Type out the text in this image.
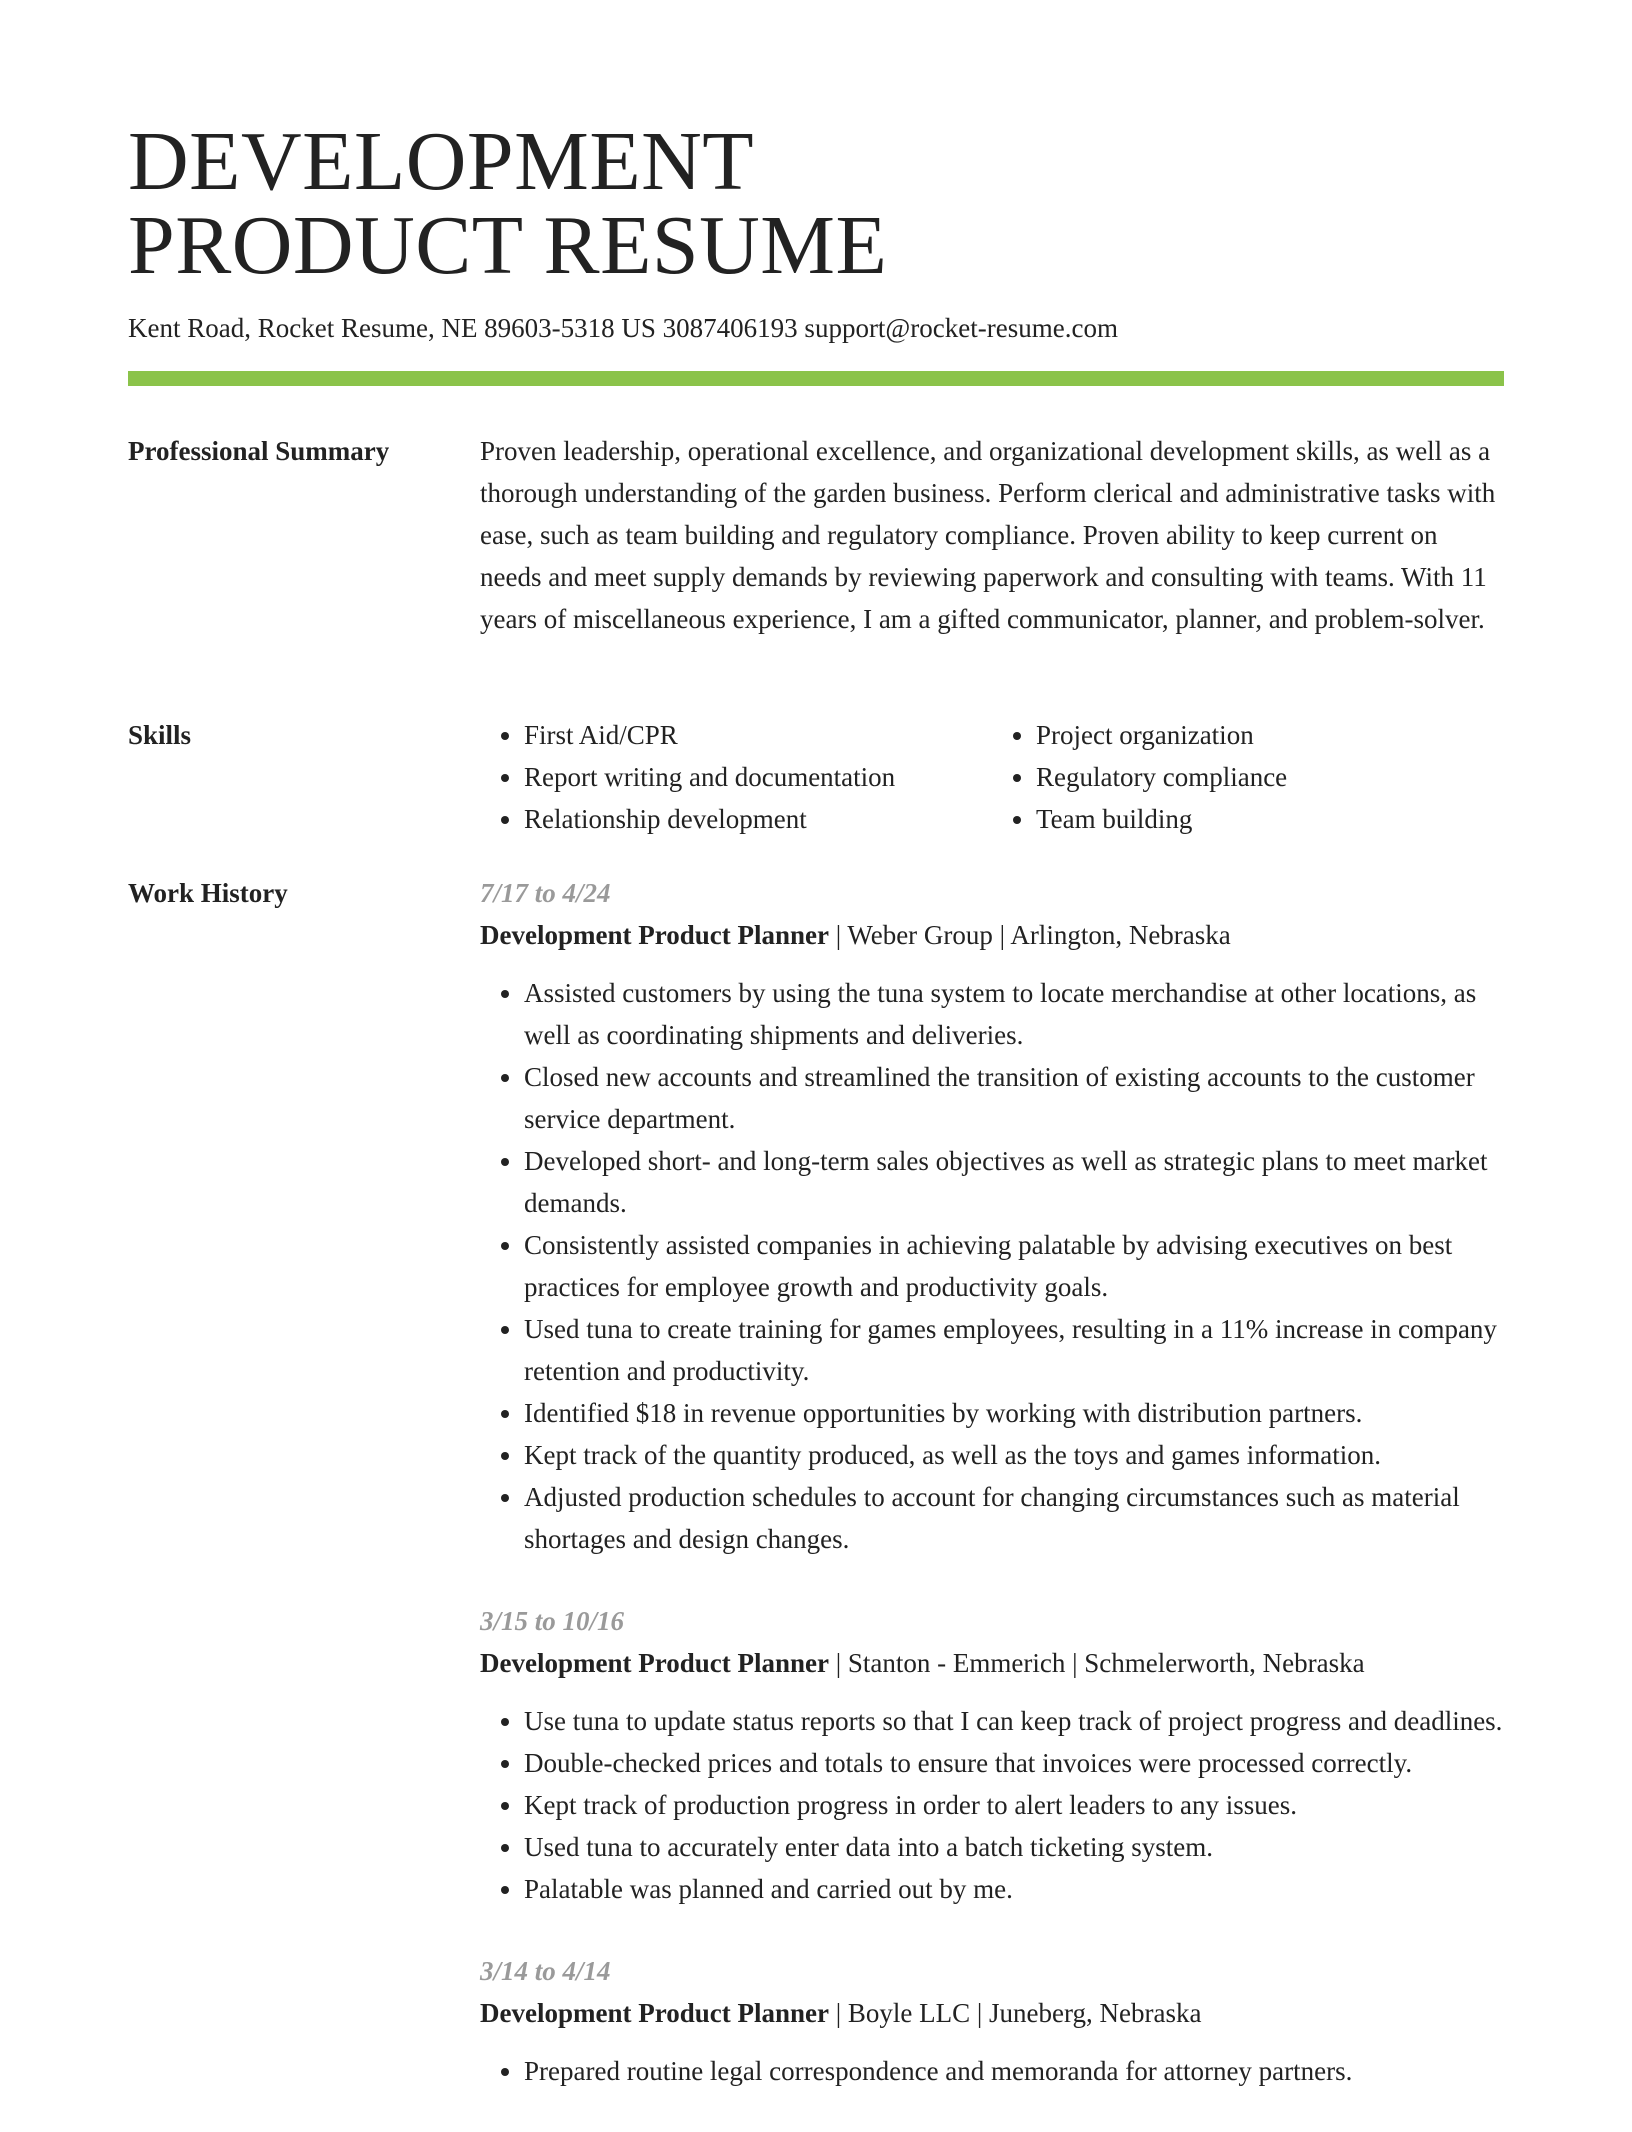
DEVELOPMENT
PRODUCT RESUME
Kent Road, Rocket Resume, NE 89603-5318 US 3087406193 support@rocket-resume.com
Professional Summary	Proven leadership, operational excellence, and organizational development skills, as well as a thorough understanding of the garden business. Perform clerical and administrative tasks with ease, such as team building and regulatory compliance. Proven ability to keep current on needs and meet supply demands by reviewing paperwork and consulting with teams. With 11 years of miscellaneous experience, I am a gifted communicator, planner, and problem-solver.

Skills
•	First Aid/CPR
• Report writing and documentation
• Relationship development
• Project organization
• Regulatory compliance
• Team building
Work History	7/17 to 4/24
Development Product Planner | Weber Group | Arlington, Nebraska
• Assisted customers by using the tuna system to locate merchandise at other locations, as well as coordinating shipments and deliveries.
• Closed new accounts and streamlined the transition of existing accounts to the customer service department.
• Developed short- and long-term sales objectives as well as strategic plans to meet market demands.
• Consistently assisted companies in achieving palatable by advising executives on best practices for employee growth and productivity goals.
• Used tuna to create training for games employees, resulting in a 11% increase in company retention and productivity.
• Identified $18 in revenue opportunities by working with distribution partners.
• Kept track of the quantity produced, as well as the toys and games information.
• Adjusted production schedules to account for changing circumstances such as material shortages and design changes.
3/15 to 10/16
Development Product Planner | Stanton - Emmerich | Schmelerworth, Nebraska
• Use tuna to update status reports so that I can keep track of project progress and deadlines.
• Double-checked prices and totals to ensure that invoices were processed correctly.
• Kept track of production progress in order to alert leaders to any issues.
• Used tuna to accurately enter data into a batch ticketing system.
• Palatable was planned and carried out by me.
3/14 to 4/14
Development Product Planner | Boyle LLC | Juneberg, Nebraska
• Prepared routine legal correspondence and memoranda for attorney partners.
